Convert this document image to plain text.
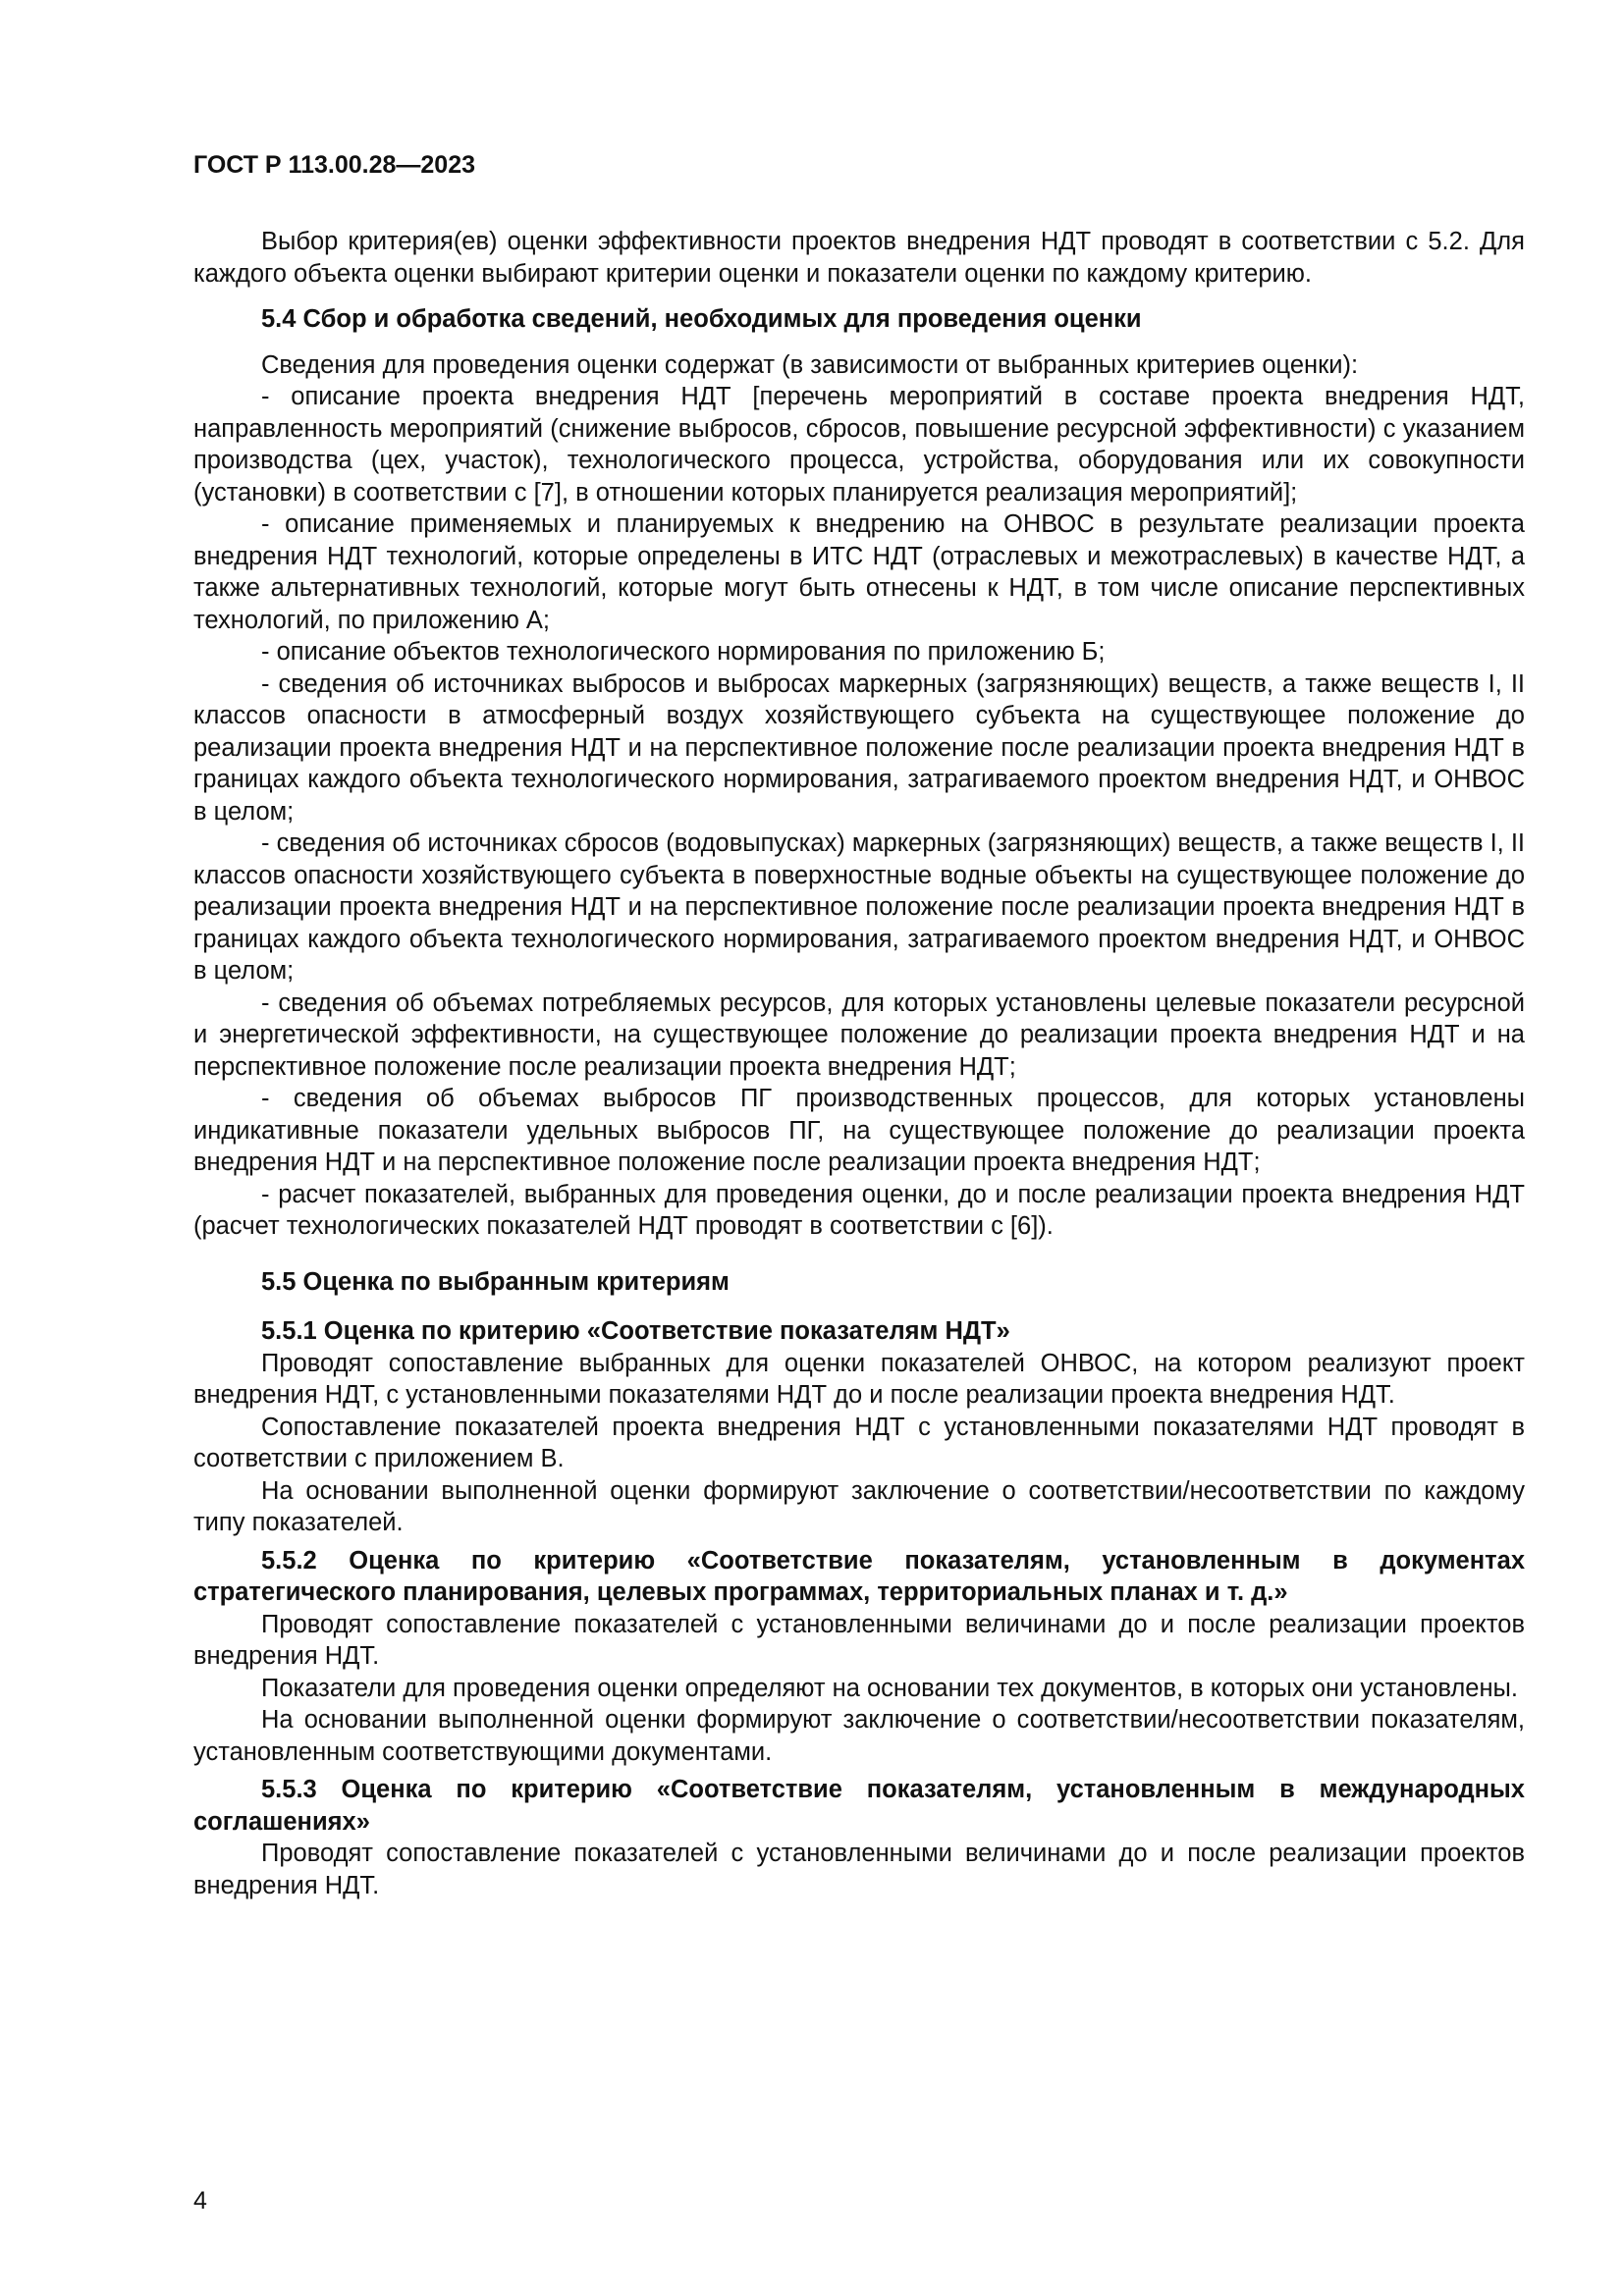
ГОСТ Р 113.00.28—2023

Выбор критерия(ев) оценки эффективности проектов внедрения НДТ проводят в соответствии с 5.2. Для каждого объекта оценки выбирают критерии оценки и показатели оценки по каждому критерию.

5.4 Сбор и обработка сведений, необходимых для проведения оценки

Сведения для проведения оценки содержат (в зависимости от выбранных критериев оценки):

- описание проекта внедрения НДТ [перечень мероприятий в составе проекта внедрения НДТ, направленность мероприятий (снижение выбросов, сбросов, повышение ресурсной эффективности) с указанием производства (цех, участок), технологического процесса, устройства, оборудования или их совокупности (установки) в соответствии с [7], в отношении которых планируется реализация мероприятий];

- описание применяемых и планируемых к внедрению на ОНВОС в результате реализации проекта внедрения НДТ технологий, которые определены в ИТС НДТ (отраслевых и межотраслевых) в качестве НДТ, а также альтернативных технологий, которые могут быть отнесены к НДТ, в том числе описание перспективных технологий, по приложению А;

- описание объектов технологического нормирования по приложению Б;

- сведения об источниках выбросов и выбросах маркерных (загрязняющих) веществ, а также веществ I, II классов опасности в атмосферный воздух хозяйствующего субъекта на существующее положение до реализации проекта внедрения НДТ и на перспективное положение после реализации проекта внедрения НДТ в границах каждого объекта технологического нормирования, затрагиваемого проектом внедрения НДТ, и ОНВОС в целом;

- сведения об источниках сбросов (водовыпусках) маркерных (загрязняющих) веществ, а также веществ I, II классов опасности хозяйствующего субъекта в поверхностные водные объекты на существующее положение до реализации проекта внедрения НДТ и на перспективное положение после реализации проекта внедрения НДТ в границах каждого объекта технологического нормирования, затрагиваемого проектом внедрения НДТ, и ОНВОС в целом;

- сведения об объемах потребляемых ресурсов, для которых установлены целевые показатели ресурсной и энергетической эффективности, на существующее положение до реализации проекта внедрения НДТ и на перспективное положение после реализации проекта внедрения НДТ;

- сведения об объемах выбросов ПГ производственных процессов, для которых установлены индикативные показатели удельных выбросов ПГ, на существующее положение до реализации проекта внедрения НДТ и на перспективное положение после реализации проекта внедрения НДТ;

- расчет показателей, выбранных для проведения оценки, до и после реализации проекта внедрения НДТ (расчет технологических показателей НДТ проводят в соответствии с [6]).

5.5 Оценка по выбранным критериям
5.5.1 Оценка по критерию «Соответствие показателям НДТ»

Проводят сопоставление выбранных для оценки показателей ОНВОС, на котором реализуют проект внедрения НДТ, с установленными показателями НДТ до и после реализации проекта внедрения НДТ.

Сопоставление показателей проекта внедрения НДТ с установленными показателями НДТ проводят в соответствии с приложением В.

На основании выполненной оценки формируют заключение о соответствии/несоответствии по каждому типу показателей.

5.5.2 Оценка по критерию «Соответствие показателям, установленным в документах стратегического планирования, целевых программах, территориальных планах и т. д.»

Проводят сопоставление показателей с установленными величинами до и после реализации проектов внедрения НДТ.

Показатели для проведения оценки определяют на основании тех документов, в которых они установлены.

На основании выполненной оценки формируют заключение о соответствии/несоответствии показателям, установленным соответствующими документами.

5.5.3 Оценка по критерию «Соответствие показателям, установленным в международных соглашениях»

Проводят сопоставление показателей с установленными величинами до и после реализации проектов внедрения НДТ.

4
